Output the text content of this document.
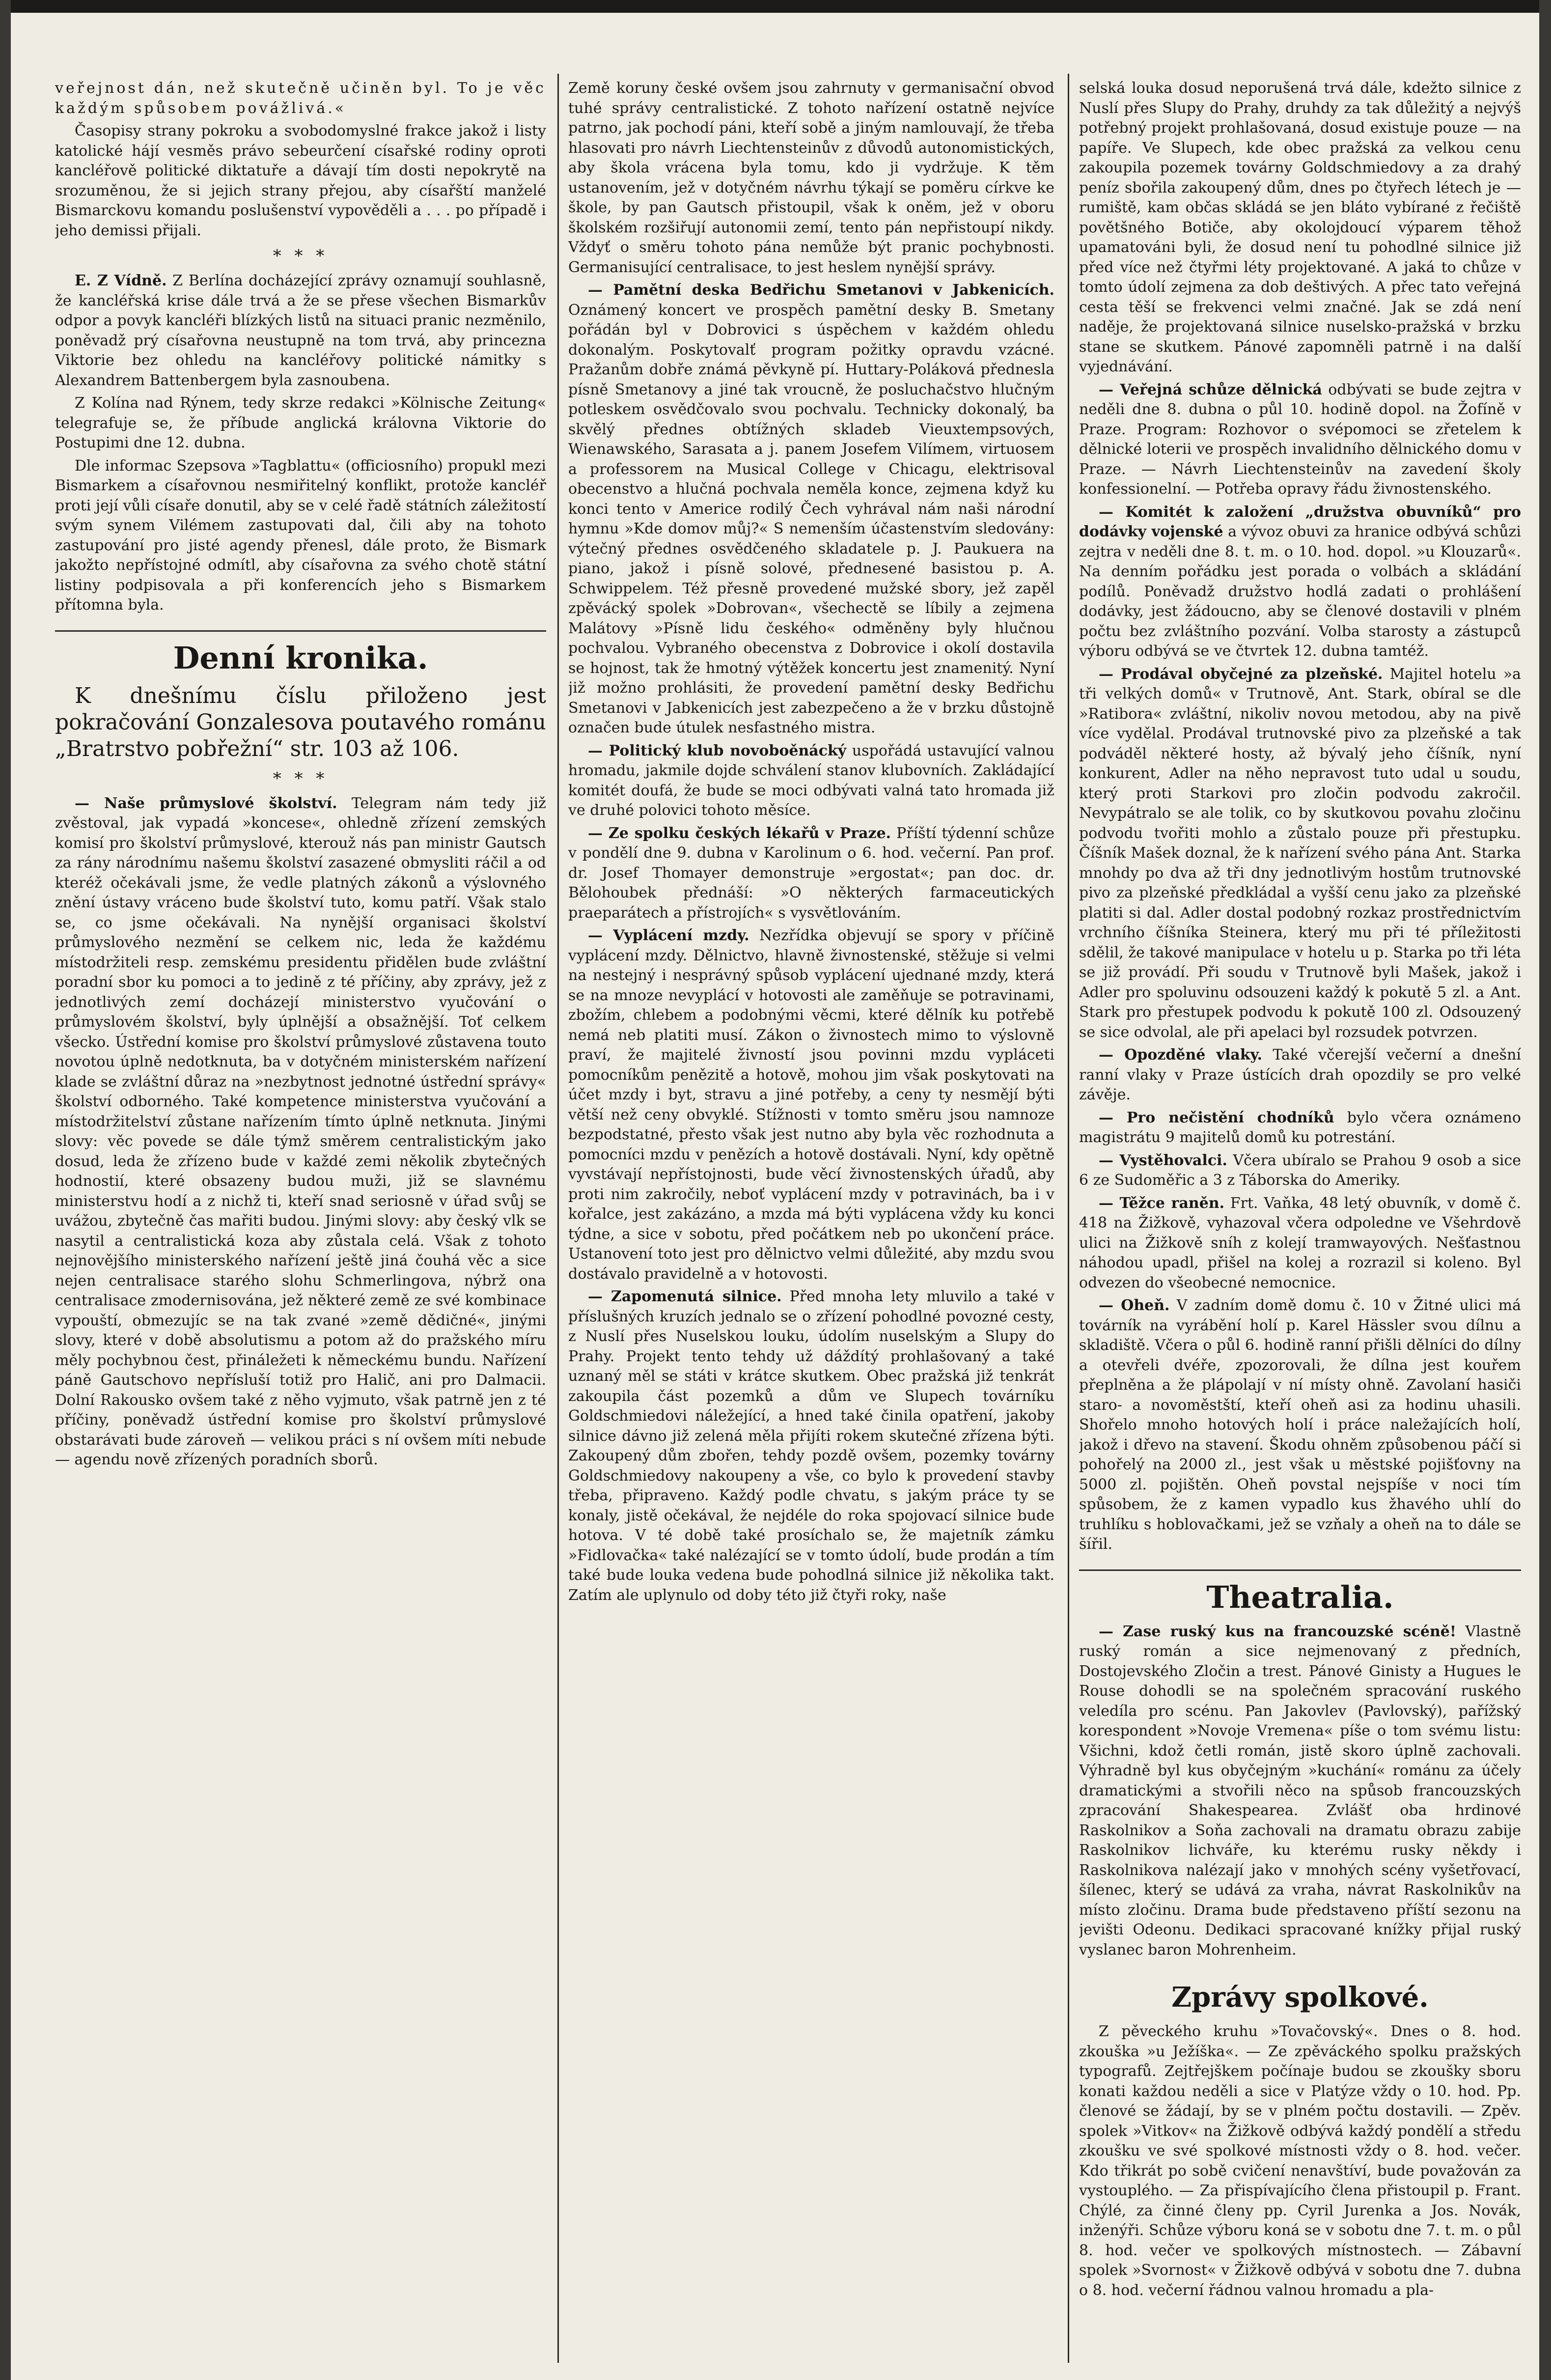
veřejnost dán, než skutečně učiněn byl. To je věc každým spůsobem povážlivá.«

Časopisy strany pokroku a svobodomyslné frakce jakož i listy katolické hájí vesměs právo sebeurčení císařské rodiny oproti kancléřově politické diktatuře a dávají tím dosti nepokrytě na srozuměnou, že si jejich strany přejou, aby císařští manželé Bismarckovu komandu poslušenství vypověděli a . . . po případě i jeho demissi přijali.

* * *

E. Z Vídně. Z Berlína docházející zprávy oznamují souhlasně, že kancléřská krise dále trvá a že se přese všechen Bismarkův odpor a povyk kancléři blízkých listů na situaci pranic nezměnilo, poněvadž prý císařovna neustupně na tom trvá, aby princezna Viktorie bez ohledu na kancléřovy politické námitky s Alexandrem Battenbergem byla zasnoubena.

Z Kolína nad Rýnem, tedy skrze redakci »Kölnische Zeitung« telegrafuje se, že příbude anglická královna Viktorie do Postupimi dne 12. dubna.

Dle informac Szepsova »Tagblattu« (officiosního) propukl mezi Bismarkem a císařovnou nesmiřitelný konflikt, protože kancléř proti její vůli císaře donutil, aby se v celé řadě státních záležitostí svým synem Vilémem zastupovati dal, čili aby na tohoto zastupování pro jisté agendy přenesl, dále proto, že Bismark jakožto nepřístojné odmítl, aby císařovna za svého chotě státní listiny podpisovala a při konferencích jeho s Bismarkem přítomna byla.

Denní kronika.

K dnešnímu číslu přiloženo jest pokračování Gonzalesova poutavého románu „Bratrstvo pobřežní“ str. 103 až 106.

* * *

— Naše průmyslové školství. Telegram nám tedy již zvěstoval, jak vypadá »koncese«, ohledně zřízení zemských komisí pro školství průmyslové, kterouž nás pan ministr Gautsch za rány národnímu našemu školství zasazené obmysliti ráčil a od kteréž očekávali jsme, že vedle platných zákonů a výslovného znění ústavy vráceno bude školství tuto, komu patří. Však stalo se, co jsme očekávali. Na nynější organisaci školství průmyslového nezmění se celkem nic, leda že každému místodržiteli resp. zemskému presidentu přidělen bude zvláštní poradní sbor ku pomoci a to jedině z té příčiny, aby zprávy, jež z jednotlivých zemí docházejí ministerstvo vyučování o průmyslovém školství, byly úplnější a obsažnější. Toť celkem všecko. Ústřední komise pro školství průmyslové zůstavena touto novotou úplně nedotknuta, ba v dotyčném ministerském nařízení klade se zvláštní důraz na »nezbytnost jednotné ústřední správy« školství odborného. Také kompetence ministerstva vyučování a místodržitelství zůstane nařízením tímto úplně netknuta. Jinými slovy: věc povede se dále týmž směrem centralistickým jako dosud, leda že zřízeno bude v každé zemi několik zbytečných hodnostií, které obsazeny budou muži, již se slavnému ministerstvu hodí a z nichž ti, kteří snad seriosně v úřad svůj se uvážou, zbytečně čas mařiti budou. Jinými slovy: aby český vlk se nasytil a centralistická koza aby zůstala celá. Však z tohoto nejnovějšího ministerského nařízení ještě jiná čouhá věc a sice nejen centralisace starého slohu Schmerlingova, nýbrž ona centralisace zmodernisována, jež některé země ze své kombinace vypouští, obmezujíc se na tak zvané »země dědičné«, jinými slovy, které v době absolutismu a potom až do pražského míru měly pochybnou čest, přináležeti k německému bundu. Nařízení páně Gautschovo nepřísluší totiž pro Halič, ani pro Dalmacii. Dolní Rakousko ovšem také z něho vyjmuto, však patrně jen z té příčiny, poněvadž ústřední komise pro školství průmyslové obstarávati bude zároveň — velikou práci s ní ovšem míti nebude — agendu nově zřízených poradních sborů.

Země koruny české ovšem jsou zahrnuty v germanisační obvod tuhé správy centralistické. Z tohoto nařízení ostatně nejvíce patrno, jak pochodí páni, kteří sobě a jiným namlouvají, že třeba hlasovati pro návrh Liechtensteinův z důvodů autonomistických, aby škola vrácena byla tomu, kdo ji vydržuje. K těm ustanovením, jež v dotyčném návrhu týkají se poměru církve ke škole, by pan Gautsch přistoupil, však k oněm, jež v oboru školském rozšiřují autonomii zemí, tento pán nepřistoupí nikdy. Vždyť o směru tohoto pána nemůže být pranic pochybnosti. Germanisující centralisace, to jest heslem nynější správy.

— Pamětní deska Bedřichu Smetanovi v Jabkenicích. Oznámený koncert ve prospěch pamětní desky B. Smetany pořádán byl v Dobrovici s úspěchem v každém ohledu dokonalým. Poskytovalť program požitky opravdu vzácné. Pražanům dobře známá pěvkyně pí. Huttary-Poláková přednesla písně Smetanovy a jiné tak vroucně, že posluchačstvo hlučným potleskem osvědčovalo svou pochvalu. Technicky dokonalý, ba skvělý přednes obtížných skladeb Vieuxtempsových, Wienawského, Sarasata a j. panem Josefem Vilímem, virtuosem a professorem na Musical College v Chicagu, elektrisoval obecenstvo a hlučná pochvala neměla konce, zejmena když ku konci tento v Americe rodilý Čech vyhrával nám naši národní hymnu »Kde domov můj?« S nemenším účastenstvím sledovány: výtečný přednes osvědčeného skladatele p. J. Paukuera na piano, jakož i písně solové, přednesené basistou p. A. Schwippelem. Též přesně provedené mužské sbory, jež zapěl zpěvácký spolek »Dobrovan«, všechectě se líbily a zejmena Malátovy »Písně lidu českého« odměněny byly hlučnou pochvalou. Vybraného obecenstva z Dobrovice i okolí dostavila se hojnost, tak že hmotný výtěžek koncertu jest znamenitý. Nyní již možno prohlásiti, že provedení pamětní desky Bedřichu Smetanovi v Jabkenicích jest zabezpečeno a že v brzku důstojně označen bude útulek nesfastného mistra.

— Politický klub novoboěnácký uspořádá ustavující valnou hromadu, jakmile dojde schválení stanov klubovních. Zakládající komitét doufá, že bude se moci odbývati valná tato hromada již ve druhé polovici tohoto měsíce.

— Ze spolku českých lékařů v Praze. Příští týdenní schůze v pondělí dne 9. dubna v Karolinum o 6. hod. večerní. Pan prof. dr. Josef Thomayer demonstruje »ergostat«; pan doc. dr. Bělohoubek přednáší: »O některých farmaceutických praeparátech a přístrojích« s vysvětlováním.

— Vyplácení mzdy. Nezřídka objevují se spory v příčině vyplácení mzdy. Dělnictvo, hlavně živnostenské, stěžuje si velmi na nestejný i nesprávný spůsob vyplácení ujednané mzdy, která se na mnoze nevyplácí v hotovosti ale zaměňuje se potravinami, zbožím, chlebem a podobnými věcmi, které dělník ku potřebě nemá neb platiti musí. Zákon o živnostech mimo to výslovně praví, že majitelé živností jsou povinni mzdu vypláceti pomocníkům penězitě a hotově, mohou jim však poskytovati na účet mzdy i byt, stravu a jiné potřeby, a ceny ty nesmějí býti větší než ceny obvyklé. Stížnosti v tomto směru jsou namnoze bezpodstatné, přesto však jest nutno aby byla věc rozhodnuta a pomocníci mzdu v penězích a hotově dostávali. Nyní, kdy opětně vyvstávají nepřístojnosti, bude věcí živnostenských úřadů, aby proti nim zakročily, neboť vyplácení mzdy v potravinách, ba i v kořalce, jest zakázáno, a mzda má býti vyplácena vždy ku konci týdne, a sice v sobotu, před počátkem neb po ukončení práce. Ustanovení toto jest pro dělnictvo velmi důležité, aby mzdu svou dostávalo pravidelně a v hotovosti.

— Zapomenutá silnice. Před mnoha lety mluvilo a také v příslušných kruzích jednalo se o zřízení pohodlné povozné cesty, z Nuslí přes Nuselskou louku, údolím nuselským a Slupy do Prahy. Projekt tento tehdy už dáždítý prohlašovaný a také uznaný měl se státi v krátce skutkem. Obec pražská již tenkrát zakoupila část pozemků a dům ve Slupech továrníku Goldschmiedovi náležející, a hned také činila opatření, jakoby silnice dávno již zelená měla přijíti rokem skutečné zřízena býti. Zakoupený dům zbořen, tehdy pozdě ovšem, pozemky továrny Goldschmiedovy nakoupeny a vše, co bylo k provedení stavby třeba, připraveno. Každý podle chvatu, s jakým práce ty se konaly, jistě očekával, že nejdéle do roka spojovací silnice bude hotova. V té době také prosíchalo se, že majetník zámku »Fidlovačka« také nalézající se v tomto údolí, bude prodán a tím také bude louka vedena bude pohodlná silnice již několika takt. Zatím ale uplynulo od doby této již čtyři roky, naše

selská louka dosud neporušená trvá dále, kdežto silnice z Nuslí přes Slupy do Prahy, druhdy za tak důležitý a nejvýš potřebný projekt prohlašovaná, dosud existuje pouze — na papíře. Ve Slupech, kde obec pražská za velkou cenu zakoupila pozemek továrny Goldschmiedovy a za drahý peníz sbořila zakoupený dům, dnes po čtyřech létech je — rumiště, kam občas skládá se jen bláto vybírané z řečiště povětšného Botiče, aby okolojdoucí výparem těhož upamatováni byli, že dosud není tu pohodlné silnice již před více než čtyřmi léty projektované. A jaká to chůze v tomto údolí zejmena za dob deštivých. A přec tato veřejná cesta těší se frekvenci velmi značné. Jak se zdá není naděje, že projektovaná silnice nuselsko-pražská v brzku stane se skutkem. Pánové zapomněli patrně i na další vyjednávání.

— Veřejná schůze dělnická odbývati se bude zejtra v neděli dne 8. dubna o půl 10. hodině dopol. na Žofíně v Praze. Program: Rozhovor o svépomoci se zřetelem k dělnické loterii ve prospěch invalidního dělnického domu v Praze. — Návrh Liechtensteinův na zavedení školy konfessionelní. — Potřeba opravy řádu živnostenského.

— Komitét k založení „družstva obuvníků“ pro dodávky vojenské a vývoz obuvi za hranice odbývá schůzi zejtra v neděli dne 8. t. m. o 10. hod. dopol. »u Klouzarů«. Na denním pořádku jest porada o volbách a skládání podílů. Poněvadž družstvo hodlá zadati o prohlášení dodávky, jest žádoucno, aby se členové dostavili v plném počtu bez zvláštního pozvání. Volba starosty a zástupců výboru odbývá se ve čtvrtek 12. dubna tamtéž.

— Prodával obyčejné za plzeňské. Majitel hotelu »a tři velkých domů« v Trutnově, Ant. Stark, obíral se dle »Ratibora« zvláštní, nikoliv novou metodou, aby na pivě více vydělal. Prodával trutnovské pivo za plzeňské a tak podváděl některé hosty, až bývalý jeho číšník, nyní konkurent, Adler na něho nepravost tuto udal u soudu, který proti Starkovi pro zločin podvodu zakročil. Nevypátralo se ale tolik, co by skutkovou povahu zločinu podvodu tvořiti mohlo a zůstalo pouze při přestupku. Číšník Mašek doznal, že k nařízení svého pána Ant. Starka mnohdy po dva až tři dny jednotlivým hostům trutnovské pivo za plzeňské předkládal a vyšší cenu jako za plzeňské platiti si dal. Adler dostal podobný rozkaz prostřednictvím vrchního číšníka Steinera, který mu při té příležitosti sdělil, že takové manipulace v hotelu u p. Starka po tři léta se již provádí. Při soudu v Trutnově byli Mašek, jakož i Adler pro spoluvinu odsouzeni každý k pokutě 5 zl. a Ant. Stark pro přestupek podvodu k pokutě 100 zl. Odsouzený se sice odvolal, ale při apelaci byl rozsudek potvrzen.

— Opozděné vlaky. Také včerejší večerní a dnešní ranní vlaky v Praze ústících drah opozdily se pro velké závěje.

— Pro nečistění chodníků bylo včera oznámeno magistrátu 9 majitelů domů ku potrestání.

— Vystěhovalci. Včera ubíralo se Prahou 9 osob a sice 6 ze Sudoměřic a 3 z Táborska do Ameriky.

— Těžce raněn. Frt. Vaňka, 48 letý obuvník, v domě č. 418 na Žižkově, vyhazoval včera odpoledne ve Všehrdově ulici na Žižkově sníh z kolejí tramwayových. Nešťastnou náhodou upadl, přišel na kolej a rozrazil si koleno. Byl odvezen do všeobecné nemocnice.

— Oheň. V zadním domě domu č. 10 v Žitné ulici má továrník na vyrábění holí p. Karel Hässler svou dílnu a skladiště. Včera o půl 6. hodině ranní přišli dělníci do dílny a otevřeli dvéře, zpozorovali, že dílna jest kouřem přeplněna a že plápolají v ní místy ohně. Zavolaní hasiči staro- a novoměstští, kteří oheň asi za hodinu uhasili. Shořelo mnoho hotových holí i práce naležajících holí, jakož i dřevo na stavení. Škodu ohněm způsobenou páčí si pohořelý na 2000 zl., jest však u městské pojišťovny na 5000 zl. pojištěn. Oheň povstal nejspíše v noci tím spůsobem, že z kamen vypadlo kus žhavého uhlí do truhlíku s hoblovačkami, jež se vzňaly a oheň na to dále se šířil.

Theatralia.

— Zase ruský kus na francouzské scéně! Vlastně ruský román a sice nejmenovaný z předních, Dostojevského Zločin a trest. Pánové Ginisty a Hugues le Rouse dohodli se na společném spracování ruského veledíla pro scénu. Pan Jakovlev (Pavlovský), pařížský korespondent »Novoje Vremena« píše o tom svému listu: Všichni, kdož četli román, jistě skoro úplně zachovali. Výhradně byl kus obyčejným »kuchání« románu za účely dramatickými a stvořili něco na spůsob francouzských zpracování Shakespearea. Zvlášť oba hrdinové Raskolnikov a Soňa zachovali na dramatu obrazu zabije Raskolnikov lichváře, ku kterému rusky někdy i Raskolnikova nalézají jako v mnohých scény vyšetřovací, šílenec, který se udává za vraha, návrat Raskolnikův na místo zločinu. Drama bude představeno příští sezonu na jevišti Odeonu. Dedikaci spracované knížky přijal ruský vyslanec baron Mohrenheim.

Zprávy spolkové.

Z pěveckého kruhu »Tovačovský«. Dnes o 8. hod. zkouška »u Ježíška«. — Ze zpěváckého spolku pražských typografů. Zejtřejškem počínaje budou se zkoušky sboru konati každou neděli a sice v Platýze vždy o 10. hod. Pp. členové se žádají, by se v plném počtu dostavili. — Zpěv. spolek »Vitkov« na Žižkově odbývá každý pondělí a středu zkoušku ve své spolkové místnosti vždy o 8. hod. večer. Kdo třikrát po sobě cvičení nenavštíví, bude považován za vystouplého. — Za přispívajícího člena přistoupil p. Frant. Chýlé, za činné členy pp. Cyril Jurenka a Jos. Novák, inženýři. Schůze výboru koná se v sobotu dne 7. t. m. o půl 8. hod. večer ve spolkových místnostech. — Zábavní spolek »Svornost« v Žižkově odbývá v sobotu dne 7. dubna o 8. hod. večerní řádnou valnou hromadu a pla-
